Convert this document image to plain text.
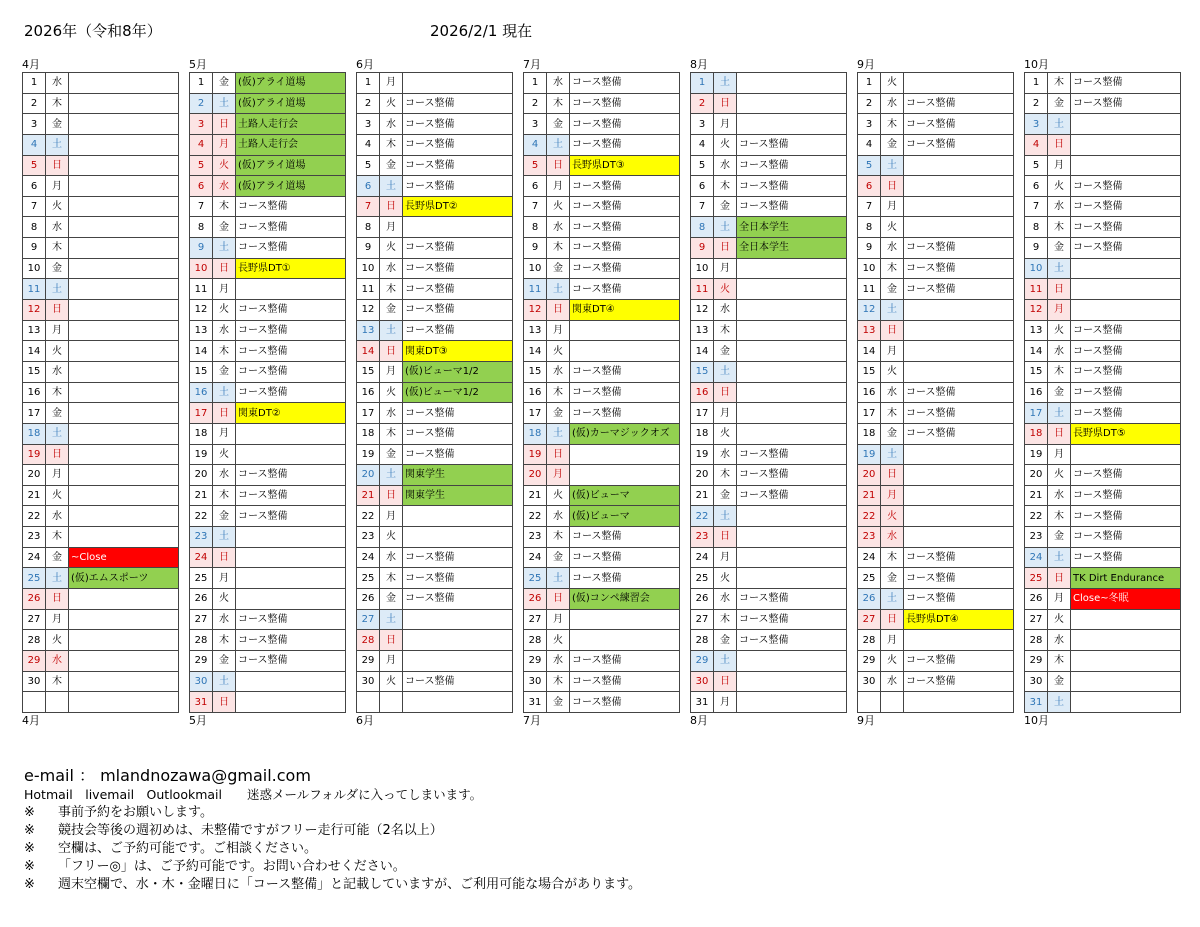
2026年（令和8年）	2026/2/1 現在
4月
1	水	
2	木	
3	金	
4	土	
5	日	
6	月	
7	火	
8	水	
9	木	
10	金	
11	土	
12	日	
13	月	
14	火	
15	水	
16	木	
17	金	
18	土	
19	日	
20	月	
21	火	
22	水	
23	木	
24	金	~Close
25	土	(仮)エムスポーツ
26	日	
27	月	
28	火	
29	水	
30	木	

4月
5月
1	金	(仮)アライ道場
2	土	(仮)アライ道場
3	日	土路人走行会
4	月	土路人走行会
5	火	(仮)アライ道場
6	水	(仮)アライ道場
7	木	コース整備
8	金	コース整備
9	土	コース整備
10	日	長野県DT①
11	月	
12	火	コース整備
13	水	コース整備
14	木	コース整備
15	金	コース整備
16	土	コース整備
17	日	関東DT②
18	月	
19	火	
20	水	コース整備
21	木	コース整備
22	金	コース整備
23	土	
24	日	
25	月	
26	火	
27	水	コース整備
28	木	コース整備
29	金	コース整備
30	土	
31	日	
5月
6月
1	月	
2	火	コース整備
3	水	コース整備
4	木	コース整備
5	金	コース整備
6	土	コース整備
7	日	長野県DT②
8	月	
9	火	コース整備
10	水	コース整備
11	木	コース整備
12	金	コース整備
13	土	コース整備
14	日	関東DT③
15	月	(仮)ビューマ1/2
16	火	(仮)ビューマ1/2
17	水	コース整備
18	木	コース整備
19	金	コース整備
20	土	関東学生
21	日	関東学生
22	月	
23	火	
24	水	コース整備
25	木	コース整備
26	金	コース整備
27	土	
28	日	
29	月	
30	火	コース整備

6月
7月
1	水	コース整備
2	木	コース整備
3	金	コース整備
4	土	コース整備
5	日	長野県DT③
6	月	コース整備
7	火	コース整備
8	水	コース整備
9	木	コース整備
10	金	コース整備
11	土	コース整備
12	日	関東DT④
13	月	
14	火	
15	水	コース整備
16	木	コース整備
17	金	コース整備
18	土	(仮)カーマジックオズ
19	日	
20	月	
21	火	(仮)ビューマ
22	水	(仮)ビューマ
23	木	コース整備
24	金	コース整備
25	土	コース整備
26	日	(仮)コンペ練習会
27	月	
28	火	
29	水	コース整備
30	木	コース整備
31	金	コース整備
7月
8月
1	土	
2	日	
3	月	
4	火	コース整備
5	水	コース整備
6	木	コース整備
7	金	コース整備
8	土	全日本学生
9	日	全日本学生
10	月	
11	火	
12	水	
13	木	
14	金	
15	土	
16	日	
17	月	
18	火	
19	水	コース整備
20	木	コース整備
21	金	コース整備
22	土	
23	日	
24	月	
25	火	
26	水	コース整備
27	木	コース整備
28	金	コース整備
29	土	
30	日	
31	月	
8月
9月
1	火	
2	水	コース整備
3	木	コース整備
4	金	コース整備
5	土	
6	日	
7	月	
8	火	
9	水	コース整備
10	木	コース整備
11	金	コース整備
12	土	
13	日	
14	月	
15	火	
16	水	コース整備
17	木	コース整備
18	金	コース整備
19	土	
20	日	
21	月	
22	火	
23	水	
24	木	コース整備
25	金	コース整備
26	土	コース整備
27	日	長野県DT④
28	月	
29	火	コース整備
30	水	コース整備

9月
10月
1	木	コース整備
2	金	コース整備
3	土	
4	日	
5	月	
6	火	コース整備
7	水	コース整備
8	木	コース整備
9	金	コース整備
10	土	
11	日	
12	月	
13	火	コース整備
14	水	コース整備
15	木	コース整備
16	金	コース整備
17	土	コース整備
18	日	長野県DT⑤
19	月	
20	火	コース整備
21	水	コース整備
22	木	コース整備
23	金	コース整備
24	土	コース整備
25	日	TK Dirt Endurance
26	月	Close~冬眠
27	火	
28	水	
29	木	
30	金	
31	土	
10月
e-mail ： mlandnozawa@gmail.com
Hotmail　livemail　Outlookmail　　迷惑メールフォルダに入ってしまいます。
※ 事前予約をお願いします。
※ 競技会等後の週初めは、未整備ですがフリー走行可能（2名以上）
※ 空欄は、ご予約可能です。ご相談ください。
※ 「フリー◎」は、ご予約可能です。お問い合わせください。
※ 週末空欄で、水・木・金曜日に「コース整備」と記載していますが、ご利用可能な場合があります。
